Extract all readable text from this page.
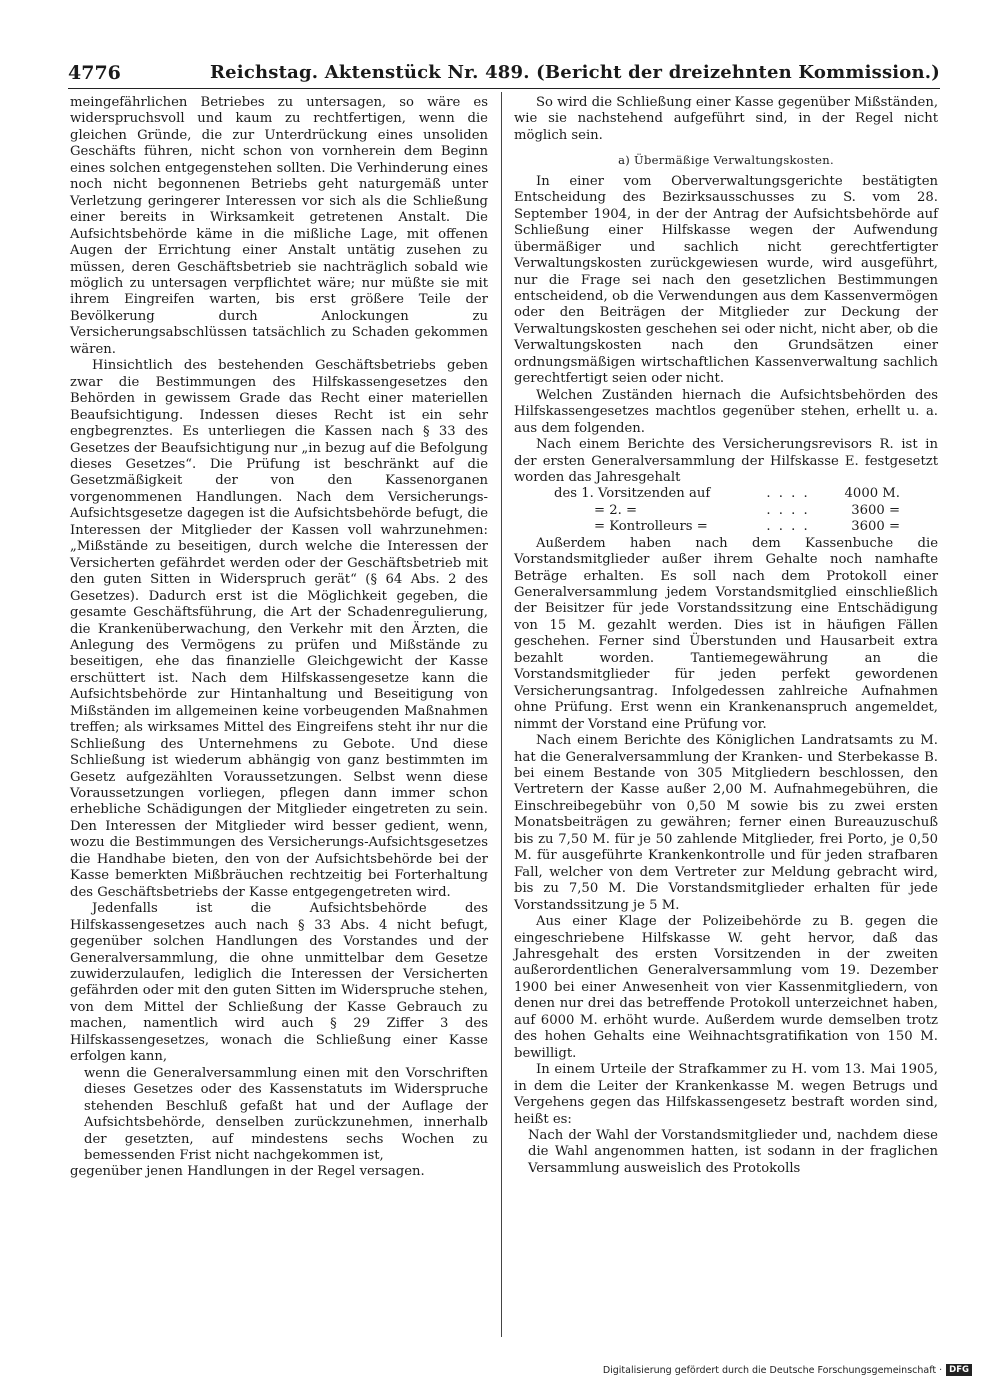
4776	Reichstag. Aktenstück Nr. 489. (Bericht der dreizehnten Kommission.)

meingefährlichen Betriebes zu untersagen, so wäre es widerspruchsvoll und kaum zu rechtfertigen, wenn die gleichen Gründe, die zur Unterdrückung eines unsoliden Geschäfts führen, nicht schon von vornherein dem Beginn eines solchen entgegenstehen sollten. Die Verhinderung eines noch nicht begonnenen Betriebs geht naturgemäß unter Verletzung geringerer Interessen vor sich als die Schließung einer bereits in Wirksamkeit getretenen Anstalt. Die Aufsichtsbehörde käme in die mißliche Lage, mit offenen Augen der Errichtung einer Anstalt untätig zusehen zu müssen, deren Geschäftsbetrieb sie nachträglich sobald wie möglich zu untersagen verpflichtet wäre; nur müßte sie mit ihrem Eingreifen warten, bis erst größere Teile der Bevölkerung durch Anlockungen zu Versicherungsabschlüssen tatsächlich zu Schaden gekommen wären.

Hinsichtlich des bestehenden Geschäftsbetriebs geben zwar die Bestimmungen des Hilfskassengesetzes den Behörden in gewissem Grade das Recht einer materiellen Beaufsichtigung. Indessen dieses Recht ist ein sehr engbegrenztes. Es unterliegen die Kassen nach § 33 des Gesetzes der Beaufsichtigung nur „in bezug auf die Befolgung dieses Gesetzes“. Die Prüfung ist beschränkt auf die Gesetzmäßigkeit der von den Kassenorganen vorgenommenen Handlungen. Nach dem Versicherungs-Aufsichtsgesetze dagegen ist die Aufsichtsbehörde befugt, die Interessen der Mitglieder der Kassen voll wahrzunehmen: „Mißstände zu beseitigen, durch welche die Interessen der Versicherten gefährdet werden oder der Geschäftsbetrieb mit den guten Sitten in Widerspruch gerät“ (§ 64 Abs. 2 des Gesetzes). Dadurch erst ist die Möglichkeit gegeben, die gesamte Geschäftsführung, die Art der Schadenregulierung, die Krankenüberwachung, den Verkehr mit den Ärzten, die Anlegung des Vermögens zu prüfen und Mißstände zu beseitigen, ehe das finanzielle Gleichgewicht der Kasse erschüttert ist. Nach dem Hilfskassengesetze kann die Aufsichtsbehörde zur Hintanhaltung und Beseitigung von Mißständen im allgemeinen keine vorbeugenden Maßnahmen treffen; als wirksames Mittel des Eingreifens steht ihr nur die Schließung des Unternehmens zu Gebote. Und diese Schließung ist wiederum abhängig von ganz bestimmten im Gesetz aufgezählten Voraussetzungen. Selbst wenn diese Voraussetzungen vorliegen, pflegen dann immer schon erhebliche Schädigungen der Mitglieder eingetreten zu sein. Den Interessen der Mitglieder wird besser gedient, wenn, wozu die Bestimmungen des Versicherungs-Aufsichtsgesetzes die Handhabe bieten, den von der Aufsichtsbehörde bei der Kasse bemerkten Mißbräuchen rechtzeitig bei Forterhaltung des Geschäftsbetriebs der Kasse entgegengetreten wird.

Jedenfalls ist die Aufsichtsbehörde des Hilfskassengesetzes auch nach § 33 Abs. 4 nicht befugt, gegenüber solchen Handlungen des Vorstandes und der Generalversammlung, die ohne unmittelbar dem Gesetze zuwiderzulaufen, lediglich die Interessen der Versicherten gefährden oder mit den guten Sitten im Widerspruche stehen, von dem Mittel der Schließung der Kasse Gebrauch zu machen, namentlich wird auch § 29 Ziffer 3 des Hilfskassengesetzes, wonach die Schließung einer Kasse erfolgen kann,

wenn die Generalversammlung einen mit den Vorschriften dieses Gesetzes oder des Kassenstatuts im Widerspruche stehenden Beschluß gefaßt hat und der Auflage der Aufsichtsbehörde, denselben zurückzunehmen, innerhalb der gesetzten, auf mindestens sechs Wochen zu bemessenden Frist nicht nachgekommen ist,

gegenüber jenen Handlungen in der Regel versagen.

So wird die Schließung einer Kasse gegenüber Mißständen, wie sie nachstehend aufgeführt sind, in der Regel nicht möglich sein.

a) Übermäßige Verwaltungskosten.

In einer vom Oberverwaltungsgerichte bestätigten Entscheidung des Bezirksausschusses zu S. vom 28. September 1904, in der der Antrag der Aufsichtsbehörde auf Schließung einer Hilfskasse wegen der Aufwendung übermäßiger und sachlich nicht gerechtfertigter Verwaltungskosten zurückgewiesen wurde, wird ausgeführt, nur die Frage sei nach den gesetzlichen Bestimmungen entscheidend, ob die Verwendungen aus dem Kassenvermögen oder den Beiträgen der Mitglieder zur Deckung der Verwaltungskosten geschehen sei oder nicht, nicht aber, ob die Verwaltungskosten nach den Grundsätzen einer ordnungsmäßigen wirtschaftlichen Kassenverwaltung sachlich gerechtfertigt seien oder nicht.

Welchen Zuständen hiernach die Aufsichtsbehörden des Hilfskassengesetzes machtlos gegenüber stehen, erhellt u. a. aus dem folgenden.

Nach einem Berichte des Versicherungsrevisors R. ist in der ersten Generalversammlung der Hilfskasse E. festgesetzt worden das Jahresgehalt

des 1. Vorsitzenden auf	. . . .	4000 M.
= 2. =	. . . .	3600 =
= Kontrolleurs =	. . . .	3600 =

Außerdem haben nach dem Kassenbuche die Vorstandsmitglieder außer ihrem Gehalte noch namhafte Beträge erhalten. Es soll nach dem Protokoll einer Generalversammlung jedem Vorstandsmitglied einschließlich der Beisitzer für jede Vorstandssitzung eine Entschädigung von 15 M. gezahlt werden. Dies ist in häufigen Fällen geschehen. Ferner sind Überstunden und Hausarbeit extra bezahlt worden. Tantiemegewährung an die Vorstandsmitglieder für jeden perfekt gewordenen Versicherungsantrag. Infolgedessen zahlreiche Aufnahmen ohne Prüfung. Erst wenn ein Krankenanspruch angemeldet, nimmt der Vorstand eine Prüfung vor.

Nach einem Berichte des Königlichen Landratsamts zu M. hat die Generalversammlung der Kranken- und Sterbekasse B. bei einem Bestande von 305 Mitgliedern beschlossen, den Vertretern der Kasse außer 2,00 M. Aufnahmegebühren, die Einschreibegebühr von 0,50 M sowie bis zu zwei ersten Monatsbeiträgen zu gewähren; ferner einen Bureauzuschuß bis zu 7,50 M. für je 50 zahlende Mitglieder, frei Porto, je 0,50 M. für ausgeführte Krankenkontrolle und für jeden strafbaren Fall, welcher von dem Vertreter zur Meldung gebracht wird, bis zu 7,50 M. Die Vorstandsmitglieder erhalten für jede Vorstandssitzung je 5 M.

Aus einer Klage der Polizeibehörde zu B. gegen die eingeschriebene Hilfskasse W. geht hervor, daß das Jahresgehalt des ersten Vorsitzenden in der zweiten außerordentlichen Generalversammlung vom 19. Dezember 1900 bei einer Anwesenheit von vier Kassenmitgliedern, von denen nur drei das betreffende Protokoll unterzeichnet haben, auf 6000 M. erhöht wurde. Außerdem wurde demselben trotz des hohen Gehalts eine Weihnachtsgratifikation von 150 M. bewilligt.

In einem Urteile der Strafkammer zu H. vom 13. Mai 1905, in dem die Leiter der Krankenkasse M. wegen Betrugs und Vergehens gegen das Hilfskassengesetz bestraft worden sind, heißt es:

Nach der Wahl der Vorstandsmitglieder und, nachdem diese die Wahl angenommen hatten, ist sodann in der fraglichen Versammlung ausweislich des Protokolls

Digitalisierung gefördert durch die Deutsche Forschungsgemeinschaft · DFG
